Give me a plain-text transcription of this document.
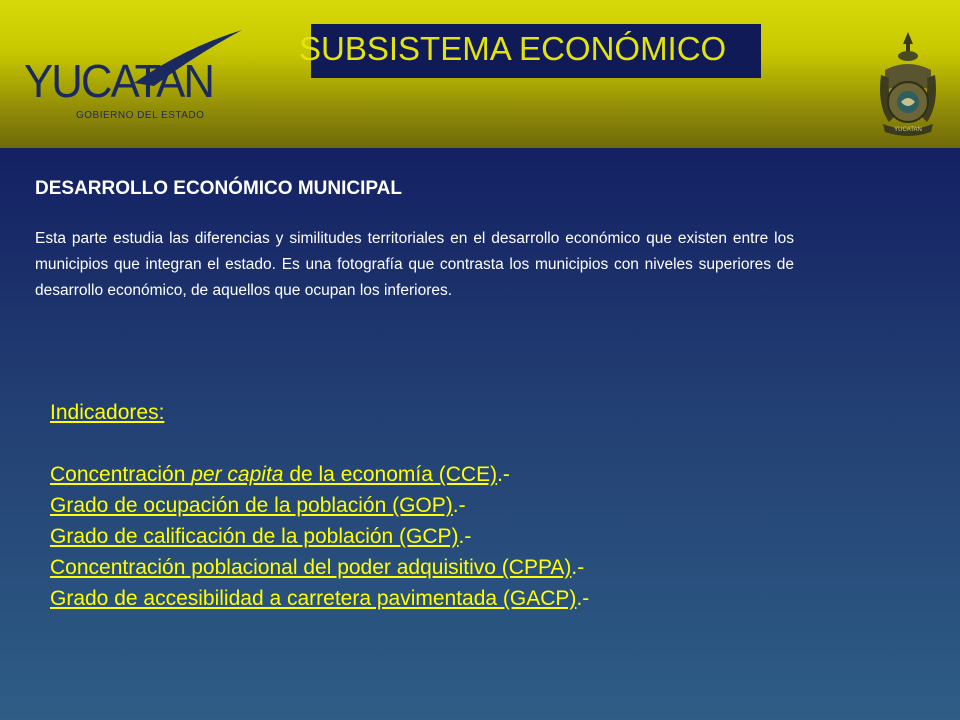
YUCATAN
GOBIERNO DEL ESTADO
SUBSISTEMA ECONÓMICO
YUCATAN
DESARROLLO ECONÓMICO MUNICIPAL

Esta parte estudia las diferencias y similitudes territoriales en el desarrollo económico que existen entre los municipios que integran el estado. Es una fotografía que contrasta los municipios con niveles superiores de desarrollo económico, de aquellos que ocupan los inferiores.

Indicadores:
Concentración per capita de la economía (CCE).-
Grado de ocupación de la población (GOP).-
Grado de calificación de la población (GCP).-
Concentración poblacional del poder adquisitivo (CPPA).-
Grado de accesibilidad a carretera pavimentada (GACP).-
